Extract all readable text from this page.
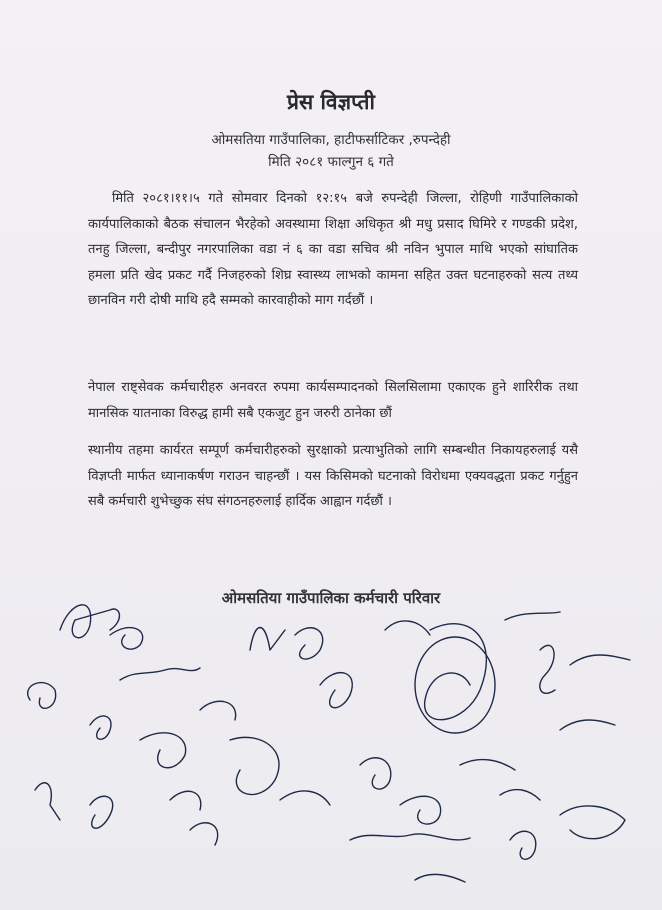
प्रेस विज्ञप्ती
ओमसतिया गाउँपालिका, हाटीफर्साटिकर ,रुपन्देही
मिति २०८१ फाल्गुन ६ गते
मिति २०८१।११।५ गते सोमवार दिनको १२:१५ बजे रुपन्देही जिल्ला, रोहिणी गाउँपालिकाको कार्यपालिकाको बैठक संचालन भैरहेको अवस्थामा शिक्षा अधिकृत श्री मधु प्रसाद घिमिरे र गण्डकी प्रदेश, तनहु जिल्ला, बन्दीपुर नगरपालिका वडा नं ६ का वडा सचिव श्री नविन भुपाल माथि भएको सांघातिक हमला प्रति खेद प्रकट गर्दै निजहरुको शिघ्र स्वास्थ्य लाभको कामना सहित उक्त घटनाहरुको सत्य तथ्य छानविन गरी दोषी माथि हदै सम्मको कारवाहीको माग गर्दछौं ।
नेपाल राष्ट्सेवक कर्मचारीहरु अनवरत रुपमा कार्यसम्पादनको सिलसिलामा एकाएक हुने शारिरीक तथा मानसिक यातनाका विरुद्ध हामी सबै एकजुट हुन जरुरी ठानेका छौं
स्थानीय तहमा कार्यरत सम्पूर्ण कर्मचारीहरुको सुरक्षाको प्रत्याभुतिको लागि सम्बन्धीत निकायहरुलाई यसै विज्ञप्ती मार्फत ध्यानाकर्षण गराउन चाहन्छौं । यस किसिमको घटनाको विरोधमा एक्यवद्धता प्रकट गर्नुहुन सबै कर्मचारी शुभेच्छुक संघ संगठनहरुलाई हार्दिक आह्वान गर्दछौं ।
ओमसतिया गाउँपालिका कर्मचारी परिवार
